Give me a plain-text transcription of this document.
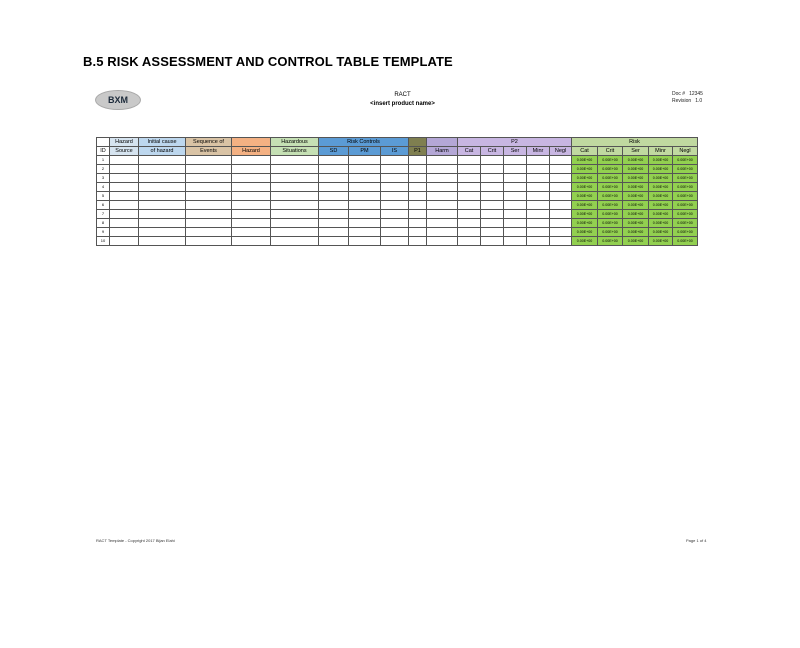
B.5 RISK ASSESSMENT AND CONTROL TABLE TEMPLATE
BXM	RACT
<insert product name>
Doc # 12345
Revision 1.0
	Hazard	Initial cause	Sequence of		Hazardous	Risk Controls					P2					Risk				
ID	Source	of hazard	Events	Hazard	Situations	SD	PM	IS	P1	Harm	Cat	Crit	Ser	Minr	Negl	Cat	Crit	Ser	Minr	Negl
1																0.00E+00	0.00E+00	0.00E+00	0.00E+00	0.00E+00
2																0.00E+00	0.00E+00	0.00E+00	0.00E+00	0.00E+00
3																0.00E+00	0.00E+00	0.00E+00	0.00E+00	0.00E+00
4																0.00E+00	0.00E+00	0.00E+00	0.00E+00	0.00E+00
5																0.00E+00	0.00E+00	0.00E+00	0.00E+00	0.00E+00
6																0.00E+00	0.00E+00	0.00E+00	0.00E+00	0.00E+00
7																0.00E+00	0.00E+00	0.00E+00	0.00E+00	0.00E+00
8																0.00E+00	0.00E+00	0.00E+00	0.00E+00	0.00E+00
9																0.00E+00	0.00E+00	0.00E+00	0.00E+00	0.00E+00
10																0.00E+00	0.00E+00	0.00E+00	0.00E+00	0.00E+00
RACT Template - Copyright 2017 Bijan Elahi	Page 1 of 4
